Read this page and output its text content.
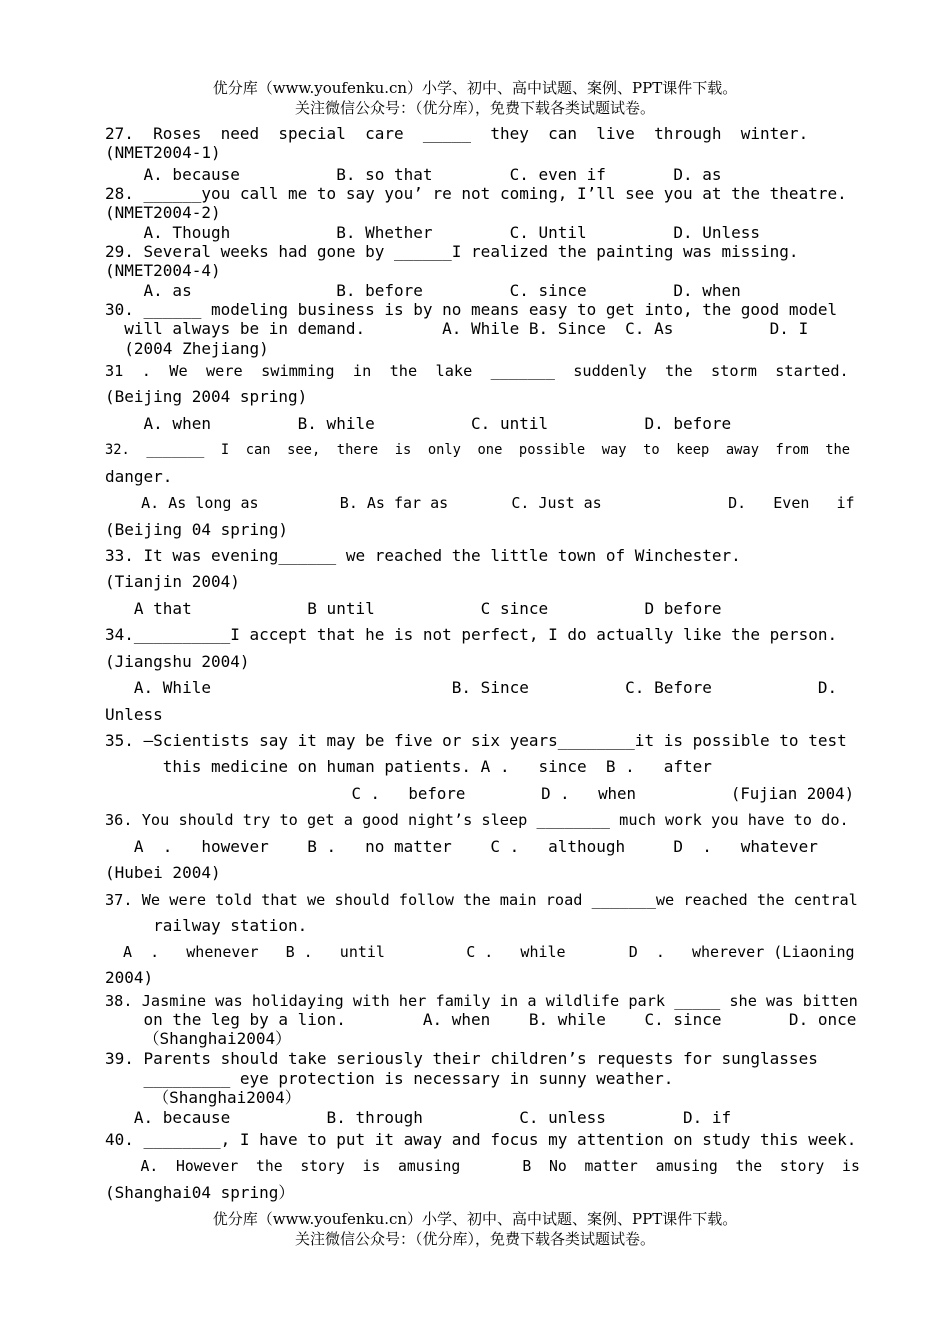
优分库（www.youfenku.cn）小学、初中、高中试题、案例、PPT课件下载。
关注微信公众号：（优分库），免费下载各类试题试卷。
27.  Roses  need  special  care  _____  they  can  live  through  winter.
(NMET2004-1)
A. because          B. so that        C. even if       D. as
28. ______you call me to say you’ re not coming, I’ll see you at the theatre.
(NMET2004-2)
A. Though           B. Whether        C. Until         D. Unless
29. Several weeks had gone by ______I realized the painting was missing.
(NMET2004-4)
A. as               B. before         C. since         D. when
30. ______ modeling business is by no means easy to get into, the good model
will always be in demand.        A. While B. Since  C. As          D. I
(2004 Zhejiang)
31  .  We  were  swimming  in  the  lake  _______  suddenly  the  storm  started.
(Beijing 2004 spring)
A. when         B. while          C. until          D. before
32.  _______  I  can  see,  there  is  only  one  possible  way  to  keep  away  from  the
danger.
A. As long as         B. As far as       C. Just as              D.   Even   if
(Beijing 04 spring)
33. It was evening______ we reached the little town of Winchester.
(Tianjin 2004)
A that            B until           C since          D before
34.__________I accept that he is not perfect, I do actually like the person.
(Jiangshu 2004)
A. While                         B. Since          C. Before           D.
Unless
35. —Scientists say it may be five or six years________it is possible to test
this medicine on human patients. A .   since  B .   after
C .   before        D .   when          (Fujian 2004)
36. You should try to get a good night’s sleep ________ much work you have to do.
A  .   however    B .   no matter    C .   although     D  .   whatever
(Hubei 2004)
37. We were told that we should follow the main road _______we reached the central
railway station.
A  .   whenever   B .   until         C .   while       D  .   wherever (Liaoning
2004)
38. Jasmine was holidaying with her family in a wildlife park _____ she was bitten
on the leg by a lion.        A. when    B. while    C. since       D. once
（Shanghai2004）
39. Parents should take seriously their children’s requests for sunglasses
_________ eye protection is necessary in sunny weather.
（Shanghai2004）
A. because          B. through          C. unless        D. if
40. ________, I have to put it away and focus my attention on study this week.
A.  However  the  story  is  amusing       B  No  matter  amusing  the  story  is
(Shanghai04 spring）
优分库（www.youfenku.cn）小学、初中、高中试题、案例、PPT课件下载。
关注微信公众号：（优分库），免费下载各类试题试卷。
